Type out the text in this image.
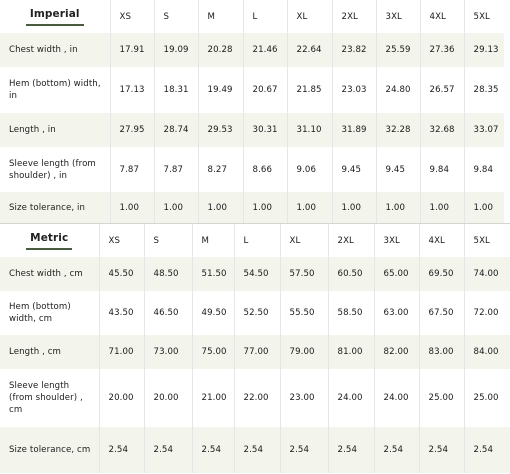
Imperial	XS	S	M	L	XL	2XL	3XL	4XL	5XL
Chest width , in	17.91	19.09	20.28	21.46	22.64	23.82	25.59	27.36	29.13
Hem (bottom) width, in	17.13	18.31	19.49	20.67	21.85	23.03	24.80	26.57	28.35
Length , in	27.95	28.74	29.53	30.31	31.10	31.89	32.28	32.68	33.07
Sleeve length (from shoulder) , in	7.87	7.87	8.27	8.66	9.06	9.45	9.45	9.84	9.84
Size tolerance, in	1.00	1.00	1.00	1.00	1.00	1.00	1.00	1.00	1.00
Metric	XS	S	M	L	XL	2XL	3XL	4XL	5XL
Chest width , cm	45.50	48.50	51.50	54.50	57.50	60.50	65.00	69.50	74.00
Hem (bottom) width, cm	43.50	46.50	49.50	52.50	55.50	58.50	63.00	67.50	72.00
Length , cm	71.00	73.00	75.00	77.00	79.00	81.00	82.00	83.00	84.00
Sleeve length (from shoulder) , cm	20.00	20.00	21.00	22.00	23.00	24.00	24.00	25.00	25.00
Size tolerance, cm	2.54	2.54	2.54	2.54	2.54	2.54	2.54	2.54	2.54
